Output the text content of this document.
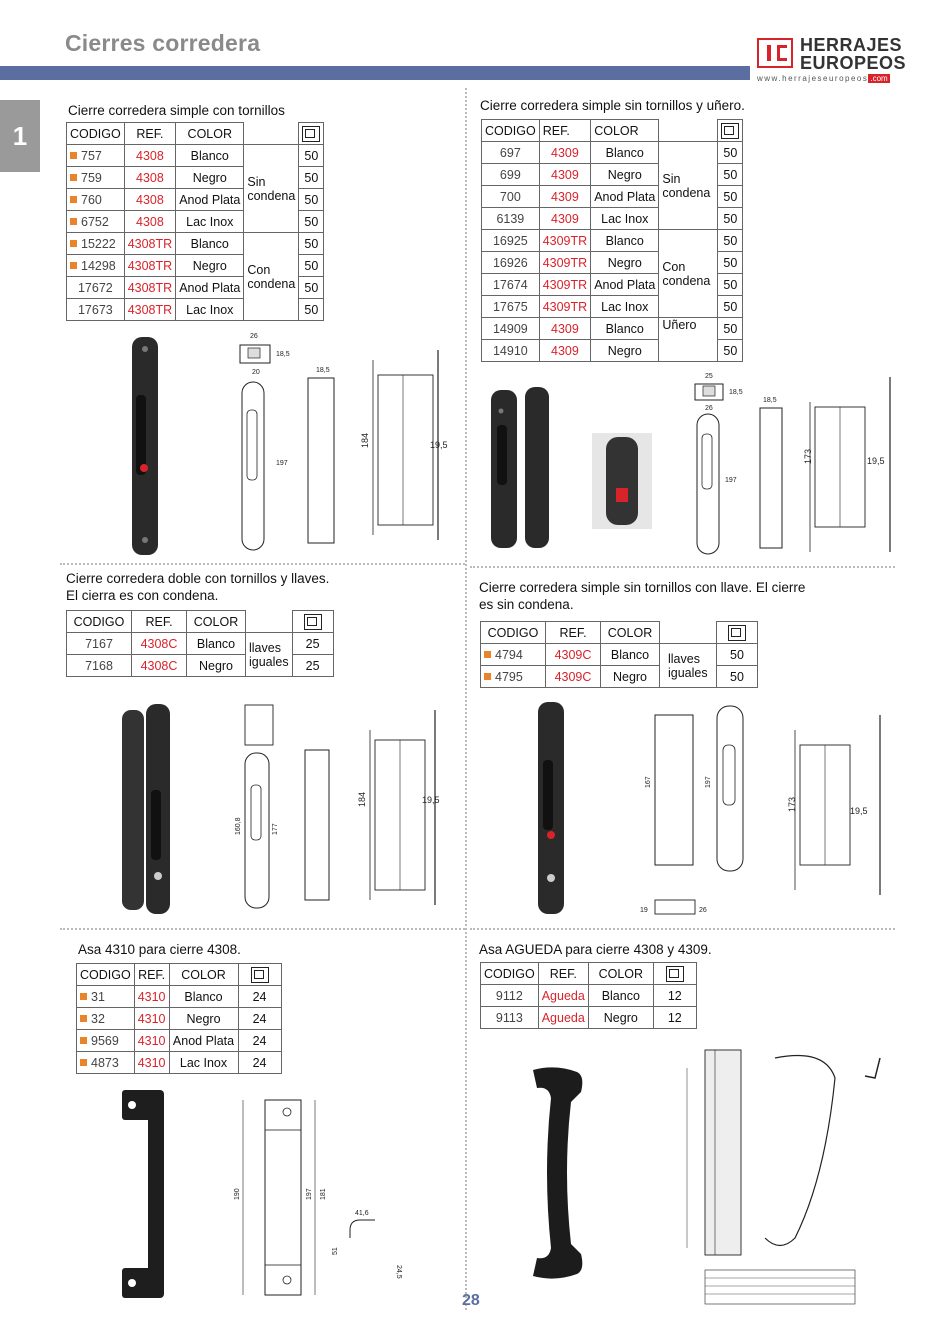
Cierres corredera
1
HERRAJES
EUROPEOS
www.herrajeseuropeos .com
Cierre corredera simple con tornillos
CODIGO	REF.	COLOR		
757	4308	Blanco	Sin condena	50
759	4308	Negro		50
760	4308	Anod Plata		50
6752	4308	Lac Inox		50
15222	4308TR	Blanco	Con condena	50
14298	4308TR	Negro		50
17672	4308TR	Anod Plata		50
17673	4308TR	Lac Inox		50
26
20
18,5
197
18,5
184	19,5
Cierre corredera simple sin tornillos y uñero.
CODIGO	REF.	COLOR		
697	4309	Blanco	Sin condena	50
699	4309	Negro		50
700	4309	Anod Plata		50
6139	4309	Lac Inox		50
16925	4309TR	Blanco	Con condena	50
16926	4309TR	Negro		50
17674	4309TR	Anod Plata		50
17675	4309TR	Lac Inox		50
14909	4309	Blanco	Uñero	50
14910	4309	Negro		50
25
26
18,5
197
18,5
173	19,5
Cierre corredera doble con tornillos y llaves.
El cierra es con condena.
CODIGO	REF.	COLOR		
7167	4308C	Blanco	llaves iguales	25
7168	4308C	Negro		25
160,8	177
184	19,5
Cierre corredera simple sin tornillos con llave. El cierre
es sin condena.
CODIGO	REF.	COLOR		
4794	4309C	Blanco	llaves iguales	50
4795	4309C	Negro		50
167	197
19	26
173	19,5
Asa 4310 para cierre 4308.
CODIGO	REF.	COLOR	
31	4310	Blanco	24
32	4310	Negro	24
9569	4310	Anod Plata	24
4873	4310	Lac Inox	24
190	197 181
41,6
51
24,5
Asa AGUEDA para cierre 4308 y 4309.
CODIGO	REF.	COLOR	
9112	Agueda	Blanco	12
9113	Agueda	Negro	12
28
